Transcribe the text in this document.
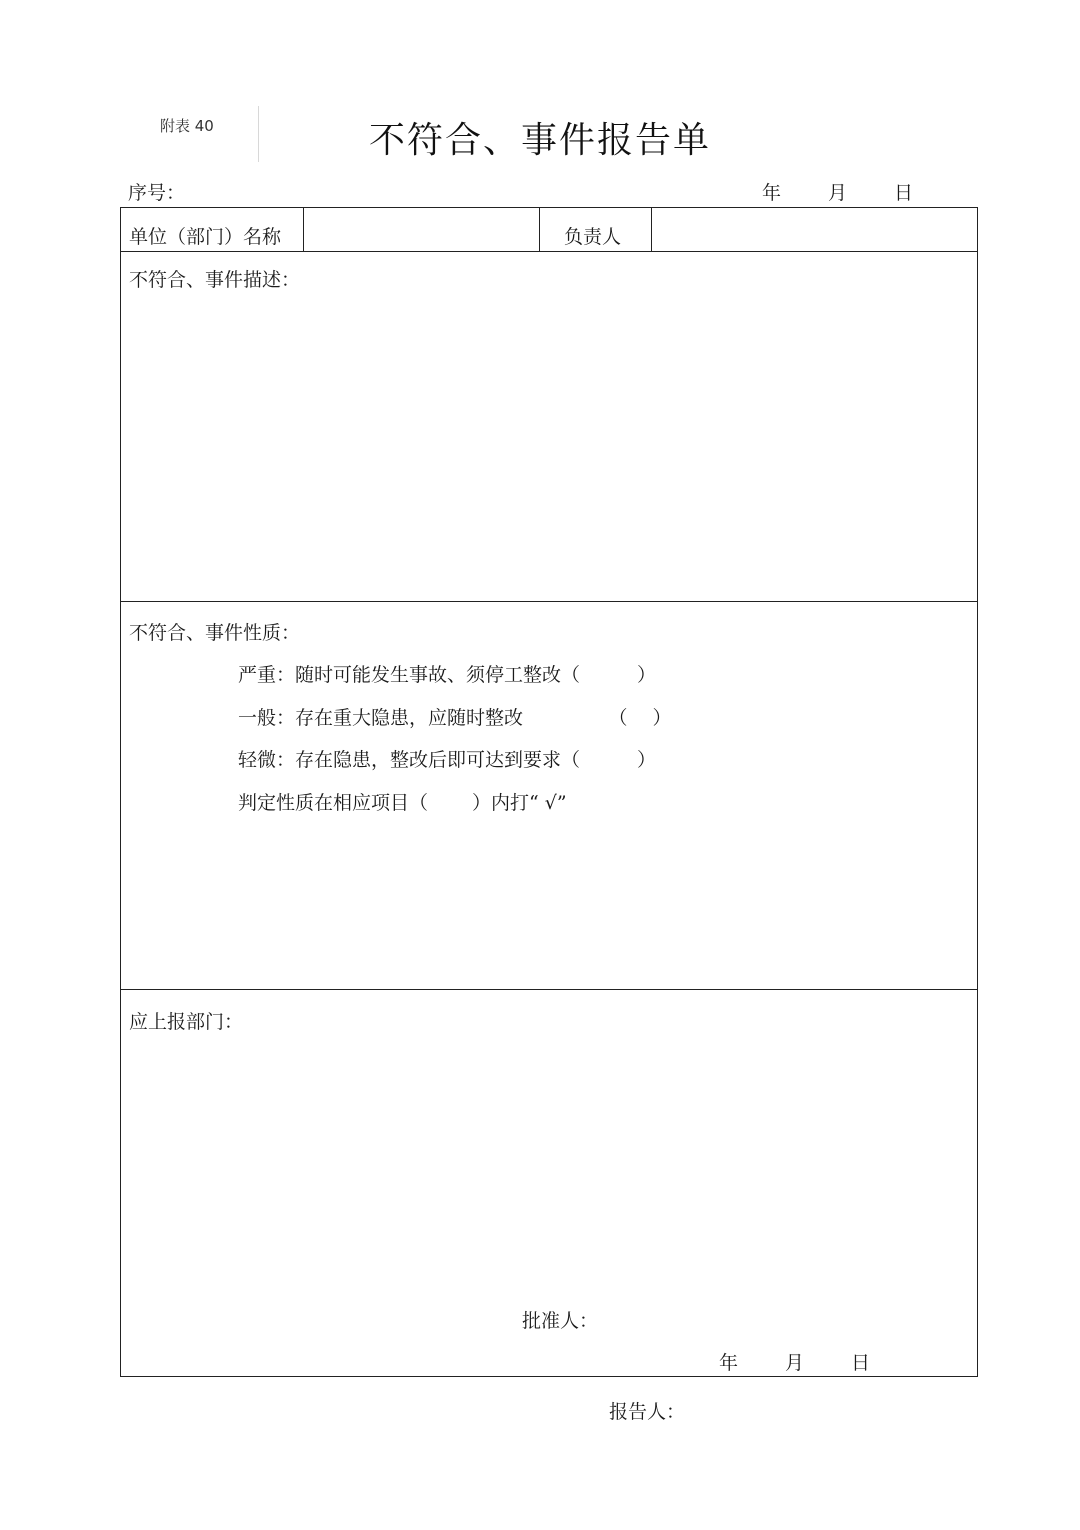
附表 40	不符合、事件报告单
序号：	年	月	日
单位（部门）名称	负责人
不符合、事件描述：
不符合、事件性质：
严重：随时可能发生事故、须停工整改（　　　）
一般：存在重大隐患，应随时整改　　　　　（　 ）
轻微：存在隐患，整改后即可达到要求（　　　）
判定性质在相应项目（　　 ）内打“ √”
应上报部门：
批准人：
年	月	日
报告人：
